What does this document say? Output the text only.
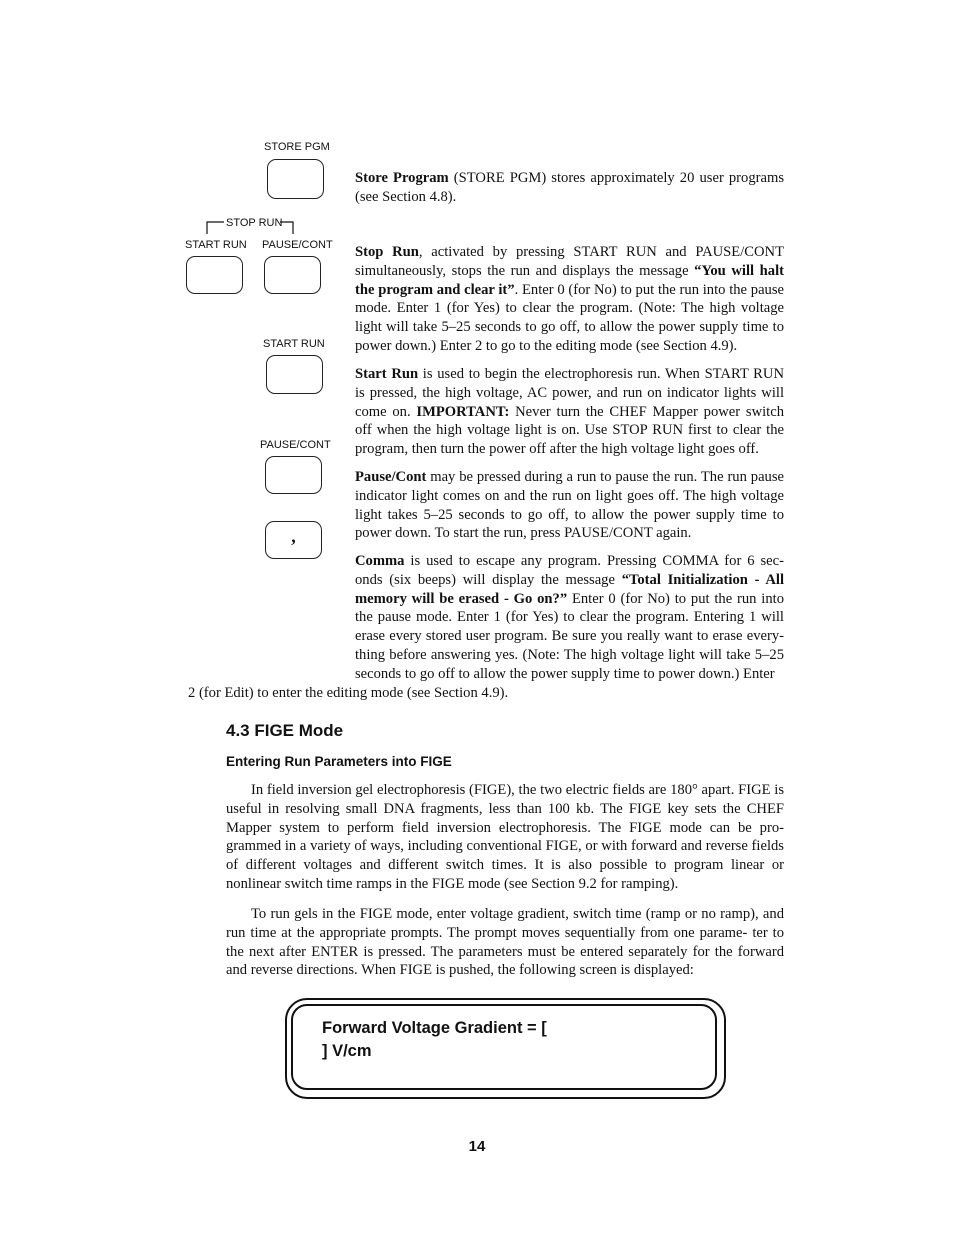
STORE PGM
STOP RUN
START RUN PAUSE/CONT
START RUN
PAUSE/CONT
,

Store Program (STORE PGM) stores approximately 20 user programs (see Section 4.8).

Stop Run, activated by pressing START RUN and PAUSE/CONT simultaneously, stops the run and displays the message “You will halt the program and clear it”. Enter 0 (for No) to put the run into the pause mode. Enter 1 (for Yes) to clear the program. (Note: The high voltage light will take 5–25 seconds to go off, to allow the power supply time to power down.) Enter 2 to go to the editing mode (see Section 4.9).

Start Run is used to begin the electrophoresis run. When START RUN is pressed, the high voltage, AC power, and run on indicator lights will come on. IMPORTANT: Never turn the CHEF Mapper power switch off when the high voltage light is on. Use STOP RUN first to clear the program, then turn the power off after the high voltage light goes off.

Pause/Cont may be pressed during a run to pause the run. The run pause indicator light comes on and the run on light goes off. The high voltage light takes 5–25 seconds to go off, to allow the power supply time to power down. To start the run, press PAUSE/CONT again.

Comma is used to escape any program. Pressing COMMA for 6 sec- onds (six beeps) will display the message “Total Initialization - All memory will be erased - Go on?” Enter 0 (for No) to put the run into the pause mode. Enter 1 (for Yes) to clear the program. Entering 1 will erase every stored user program. Be sure you really want to erase every- thing before answering yes. (Note: The high voltage light will take 5–25 seconds to go off to allow the power supply time to power down.) Enter

2 (for Edit) to enter the editing mode (see Section 4.9).

4.3 FIGE Mode
Entering Run Parameters into FIGE

In field inversion gel electrophoresis (FIGE), the two electric fields are 180° apart. FIGE is useful in resolving small DNA fragments, less than 100 kb. The FIGE key sets the CHEF Mapper system to perform field inversion electrophoresis. The FIGE mode can be pro- grammed in a variety of ways, including conventional FIGE, or with forward and reverse fields of different voltages and different switch times. It is also possible to program linear or nonlinear switch time ramps in the FIGE mode (see Section 9.2 for ramping).

To run gels in the FIGE mode, enter voltage gradient, switch time (ramp or no ramp), and run time at the appropriate prompts. The prompt moves sequentially from one parame- ter to the next after ENTER is pressed. The parameters must be entered separately for the forward and reverse directions. When FIGE is pushed, the following screen is displayed:

Forward Voltage Gradient = [
] V/cm
14
